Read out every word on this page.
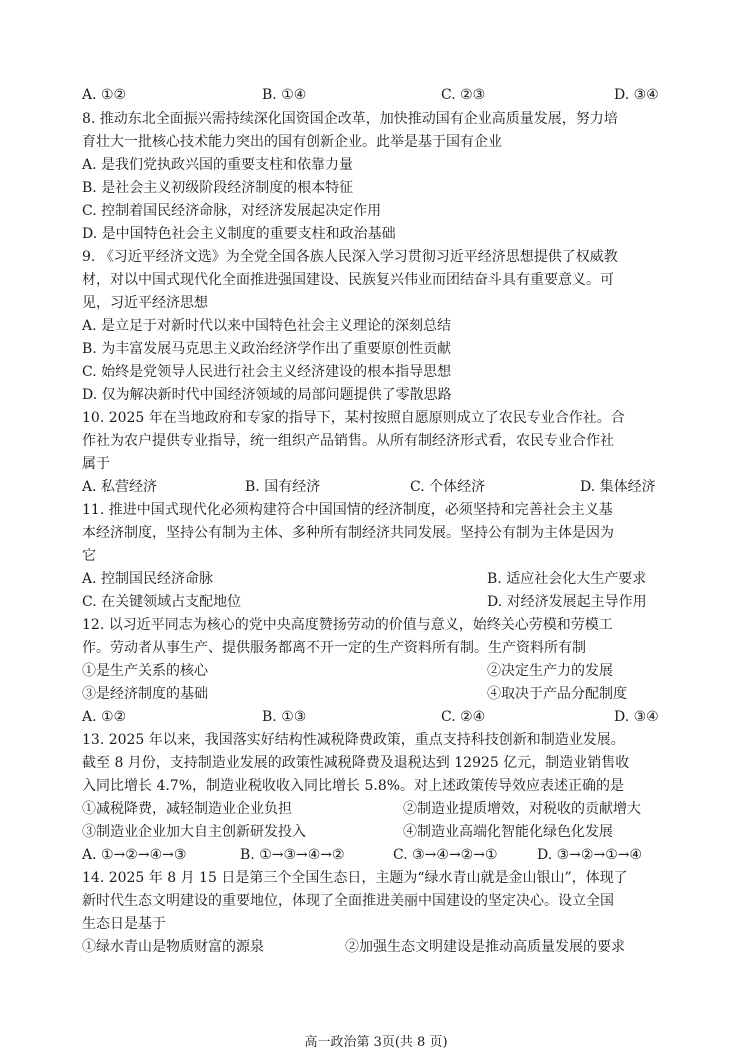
A. ①②	B. ①④	C. ②③	D. ③④
8. 推动东北全面振兴需持续深化国资国企改革，加快推动国有企业高质量发展，努力培
育壮大一批核心技术能力突出的国有创新企业。此举是基于国有企业
A. 是我们党执政兴国的重要支柱和依靠力量
B. 是社会主义初级阶段经济制度的根本特征
C. 控制着国民经济命脉，对经济发展起决定作用
D. 是中国特色社会主义制度的重要支柱和政治基础
9. 《习近平经济文选》为全党全国各族人民深入学习贯彻习近平经济思想提供了权威教
材，对以中国式现代化全面推进强国建设、民族复兴伟业而团结奋斗具有重要意义。可
见，习近平经济思想
A. 是立足于对新时代以来中国特色社会主义理论的深刻总结
B. 为丰富发展马克思主义政治经济学作出了重要原创性贡献
C. 始终是党领导人民进行社会主义经济建设的根本指导思想
D. 仅为解决新时代中国经济领域的局部问题提供了零散思路
10. 2025 年在当地政府和专家的指导下，某村按照自愿原则成立了农民专业合作社。合
作社为农户提供专业指导，统一组织产品销售。从所有制经济形式看，农民专业合作社
属于
A. 私营经济	B. 国有经济	C. 个体经济	D. 集体经济
11. 推进中国式现代化必须构建符合中国国情的经济制度，必须坚持和完善社会主义基
本经济制度，坚持公有制为主体、多种所有制经济共同发展。坚持公有制为主体是因为
它
A. 控制国民经济命脉	B. 适应社会化大生产要求
C. 在关键领域占支配地位	D. 对经济发展起主导作用
12. 以习近平同志为核心的党中央高度赞扬劳动的价值与意义，始终关心劳模和劳模工
作。劳动者从事生产、提供服务都离不开一定的生产资料所有制。生产资料所有制
①是生产关系的核心	②决定生产力的发展
③是经济制度的基础	④取决于产品分配制度
A. ①②	B. ①③	C. ②④	D. ③④
13. 2025 年以来，我国落实好结构性减税降费政策，重点支持科技创新和制造业发展。
截至 8 月份，支持制造业发展的政策性减税降费及退税达到 12925 亿元，制造业销售收
入同比增长 4.7%，制造业税收收入同比增长 5.8%。对上述政策传导效应表述正确的是
①减税降费，减轻制造业企业负担	②制造业提质增效，对税收的贡献增大
③制造业企业加大自主创新研发投入	④制造业高端化智能化绿色化发展
A. ①→②→④→③	B. ①→③→④→②	C. ③→④→②→①	D. ③→②→①→④
14. 2025 年 8 月 15 日是第三个全国生态日，主题为“绿水青山就是金山银山”，体现了
新时代生态文明建设的重要地位，体现了全面推进美丽中国建设的坚定决心。设立全国
生态日是基于
①绿水青山是物质财富的源泉	②加强生态文明建设是推动高质量发展的要求
高一政治第 3页(共 8 页)
